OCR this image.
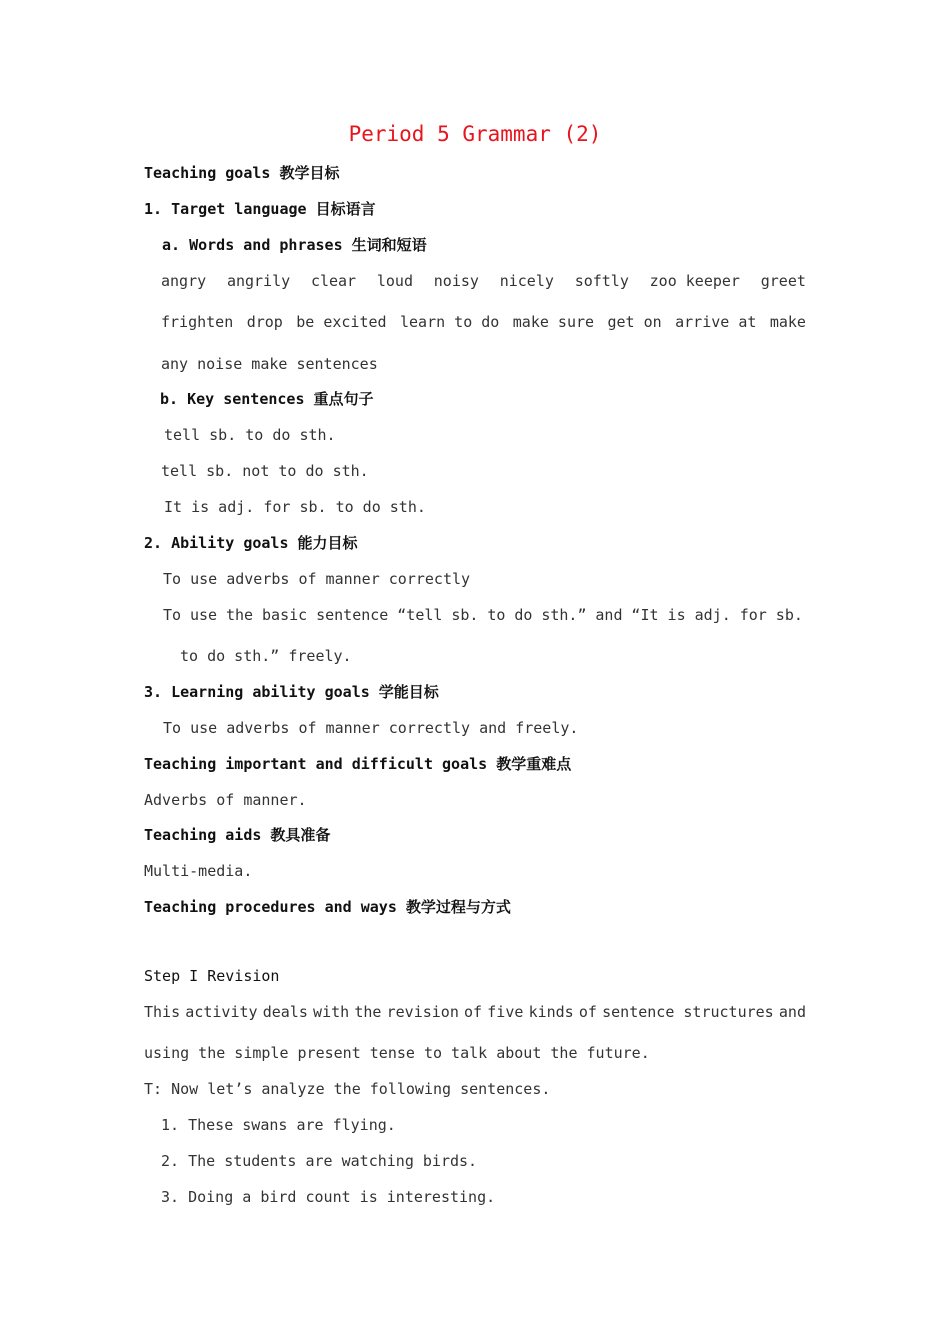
Period 5 Grammar (2)
Teaching goals 教学目标
1. Target language 目标语言
a. Words and phrases 生词和短语
angry angrily clear loud noisy nicely softly zoo keeper greet
frighten drop be excited learn to do make sure get on arrive at make
any noise make sentences
b. Key sentences 重点句子
tell sb. to do sth.
tell sb. not to do sth.
It is adj. for sb. to do sth.
2. Ability goals 能力目标
To use adverbs of manner correctly
To use the basic sentence “tell sb. to do sth.” and “It is adj. for sb.
to do sth.” freely.
3. Learning ability goals 学能目标
To use adverbs of manner correctly and freely.
Teaching important and difficult goals 教学重难点
Adverbs of manner.
Teaching aids 教具准备
Multi-media.
Teaching procedures and ways 教学过程与方式
Step I Revision
This activity deals with the revision of five kinds of sentence structures and
using the simple present tense to talk about the future.
T: Now let’s analyze the following sentences.
1. These swans are flying.
2. The students are watching birds.
3. Doing a bird count is interesting.
